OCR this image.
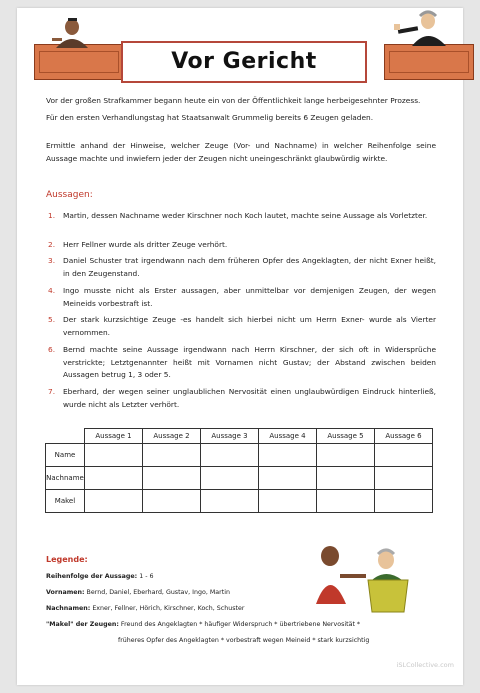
Vor Gericht
Vor der großen Strafkammer begann heute ein von der Öffentlichkeit lange herbeigesehnter Prozess.
Für den ersten Verhandlungstag hat Staatsanwalt Grummelig bereits 6 Zeugen geladen.
Ermittle anhand der Hinweise, welcher Zeuge (Vor- und Nachname) in welcher Reihenfolge seine Aussage machte und inwiefern jeder der Zeugen nicht uneingeschränkt glaubwürdig wirkte.
Aussagen:
1. Martin, dessen Nachname weder Kirschner noch Koch lautet, machte seine Aussage als Vorletzter.
2. Herr Fellner wurde als dritter Zeuge verhört.
3. Daniel Schuster trat irgendwann nach dem früheren Opfer des Angeklagten, der nicht Exner heißt, in den Zeugenstand.
4. Ingo musste nicht als Erster aussagen, aber unmittelbar vor demjenigen Zeugen, der wegen Meineids vorbestraft ist.
5. Der stark kurzsichtige Zeuge -es handelt sich hierbei nicht um Herrn Exner- wurde als Vierter vernommen.
6. Bernd machte seine Aussage irgendwann nach Herrn Kirschner, der sich oft in Widersprüche verstrickte; Letztgenannter heißt mit Vornamen nicht Gustav; der Abstand zwischen beiden Aussagen betrug 1, 3 oder 5.
7. Eberhard, der wegen seiner unglaublichen Nervosität einen unglaubwürdigen Eindruck hinterließ, wurde nicht als Letzter verhört.
	Aussage 1	Aussage 2	Aussage 3	Aussage 4	Aussage 5	Aussage 6
Name						
Nachname						
Makel						
Legende:
Reihenfolge der Aussage: 1 - 6
Vornamen: Bernd, Daniel, Eberhard, Gustav, Ingo, Martin
Nachnamen: Exner, Fellner, Hörich, Kirschner, Koch, Schuster
"Makel" der Zeugen: Freund des Angeklagten * häufiger Widerspruch * übertriebene Nervosität *
früheres Opfer des Angeklagten * vorbestraft wegen Meineid * stark kurzsichtig
iSLCollective.com
